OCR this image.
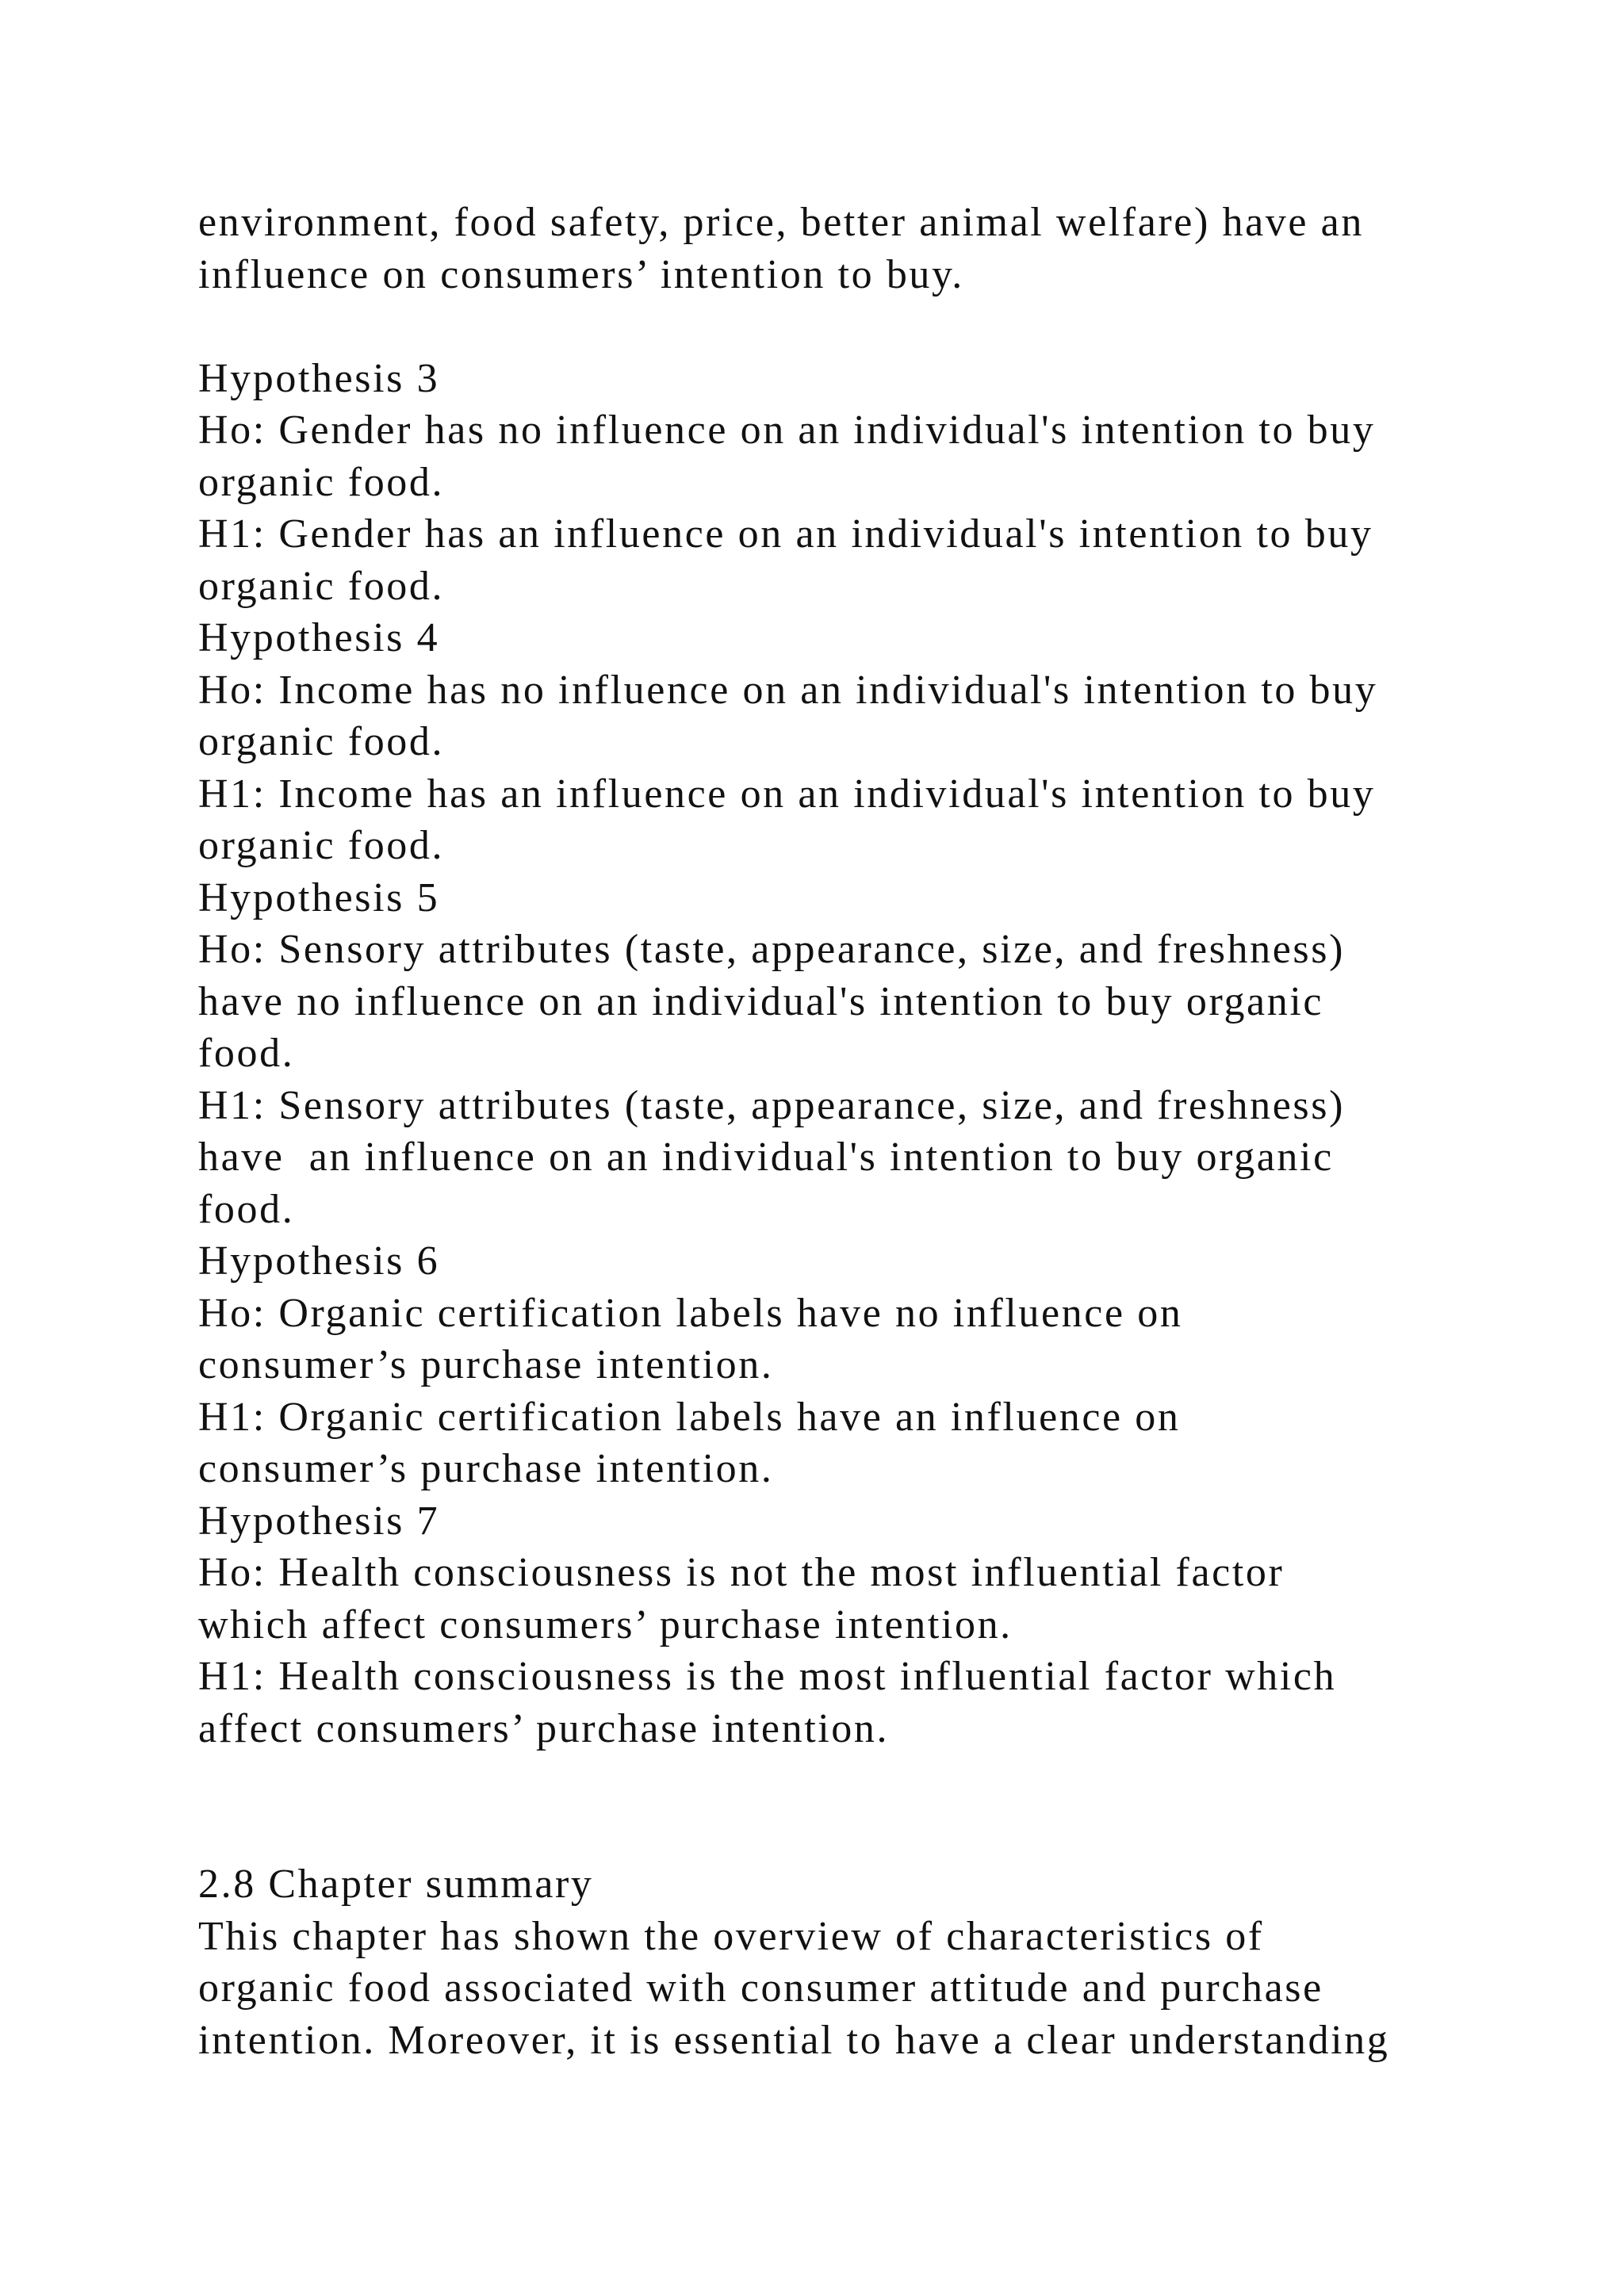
environment, food safety, price, better animal welfare) have an
influence on consumers’ intention to buy.
Hypothesis 3
Ho: Gender has no influence on an individual's intention to buy
organic food.
H1: Gender has an influence on an individual's intention to buy
organic food.
Hypothesis 4
Ho: Income has no influence on an individual's intention to buy
organic food.
H1: Income has an influence on an individual's intention to buy
organic food.
Hypothesis 5
Ho: Sensory attributes (taste, appearance, size, and freshness)
have no influence on an individual's intention to buy organic
food.
H1: Sensory attributes (taste, appearance, size, and freshness)
have  an influence on an individual's intention to buy organic
food.
Hypothesis 6
Ho: Organic certification labels have no influence on
consumer’s purchase intention.
H1: Organic certification labels have an influence on
consumer’s purchase intention.
Hypothesis 7
Ho: Health consciousness is not the most influential factor
which affect consumers’ purchase intention.
H1: Health consciousness is the most influential factor which
affect consumers’ purchase intention.
2.8 Chapter summary
This chapter has shown the overview of characteristics of
organic food associated with consumer attitude and purchase
intention. Moreover, it is essential to have a clear understanding
